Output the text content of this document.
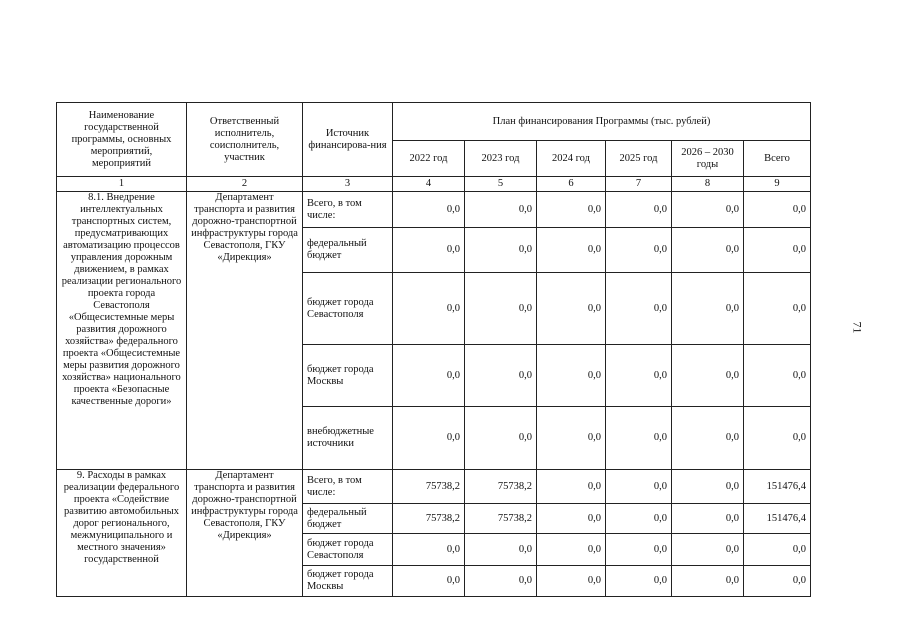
71
Наименование государственной программы, основных мероприятий, мероприятий	Ответственный исполнитель, соисполнитель, участник	Источник финансирова-ния	План финансирования Программы (тыс. рублей)					
			2022 год	2023 год	2024 год	2025 год	2026 – 2030 годы	Всего
1	2	3	4	5	6	7	8	9
8.1. Внедрение интеллектуальных транспортных систем, предусматривающих автоматизацию процессов управления дорожным движением, в рамках реализации регионального проекта города Севастополя «Общесистемные меры развития дорожного хозяйства» федерального проекта «Общесистемные меры развития дорожного хозяйства» национального проекта «Безопасные качественные дороги»	Департамент транспорта и развития дорожно-транспортной инфраструктуры города Севастополя, ГКУ «Дирекция»	Всего, в том числе:	0,0	0,0	0,0	0,0	0,0	0,0
		федеральный бюджет	0,0	0,0	0,0	0,0	0,0	0,0
		бюджет города Севастополя	0,0	0,0	0,0	0,0	0,0	0,0
		бюджет города Москвы	0,0	0,0	0,0	0,0	0,0	0,0
		внебюджетные источники	0,0	0,0	0,0	0,0	0,0	0,0
9. Расходы в рамках реализации федерального проекта «Содействие развитию автомобильных дорог регионального, межмуниципального и местного значения» государственной	Департамент транспорта и развития дорожно-транспортной инфраструктуры города Севастополя, ГКУ «Дирекция»	Всего, в том числе:	75738,2	75738,2	0,0	0,0	0,0	151476,4
		федеральный бюджет	75738,2	75738,2	0,0	0,0	0,0	151476,4
		бюджет города Севастополя	0,0	0,0	0,0	0,0	0,0	0,0
		бюджет города Москвы	0,0	0,0	0,0	0,0	0,0	0,0
